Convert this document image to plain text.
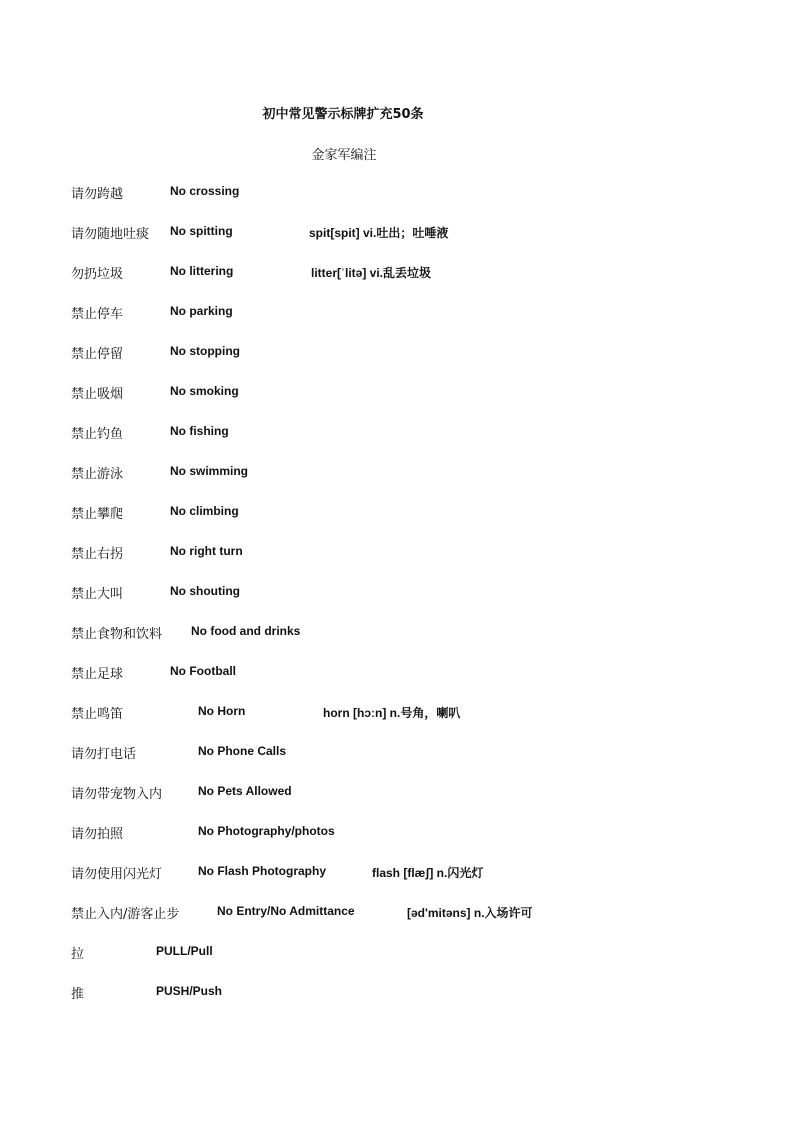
初中常见警示标牌扩充50条
金家军编注
请勿跨越	No crossing
请勿随地吐痰 No spitting	spit[spit] vi.吐出；吐唾液
勿扔垃圾	No littering	litter[ˈlitə] vi.乱丢垃圾
禁止停车	No parking
禁止停留	No stopping
禁止吸烟	No smoking
禁止钓鱼	No fishing
禁止游泳	No swimming
禁止攀爬	No climbing
禁止右拐	No right turn
禁止大叫	No shouting
禁止食物和饮料 No food and drinks
禁止足球	No Football
禁止鸣笛	No Horn	horn [hɔːn] n.号角，喇叭
请勿打电话	No Phone Calls
请勿带宠物入内	No Pets Allowed
请勿拍照	No Photography/photos
请勿使用闪光灯	No Flash Photography	flash [flæʃ] n.闪光灯
禁止入内/游客止步	No Entry/No Admittance	[əd'mitəns] n.入场许可
拉	PULL/Pull
推	PUSH/Push
